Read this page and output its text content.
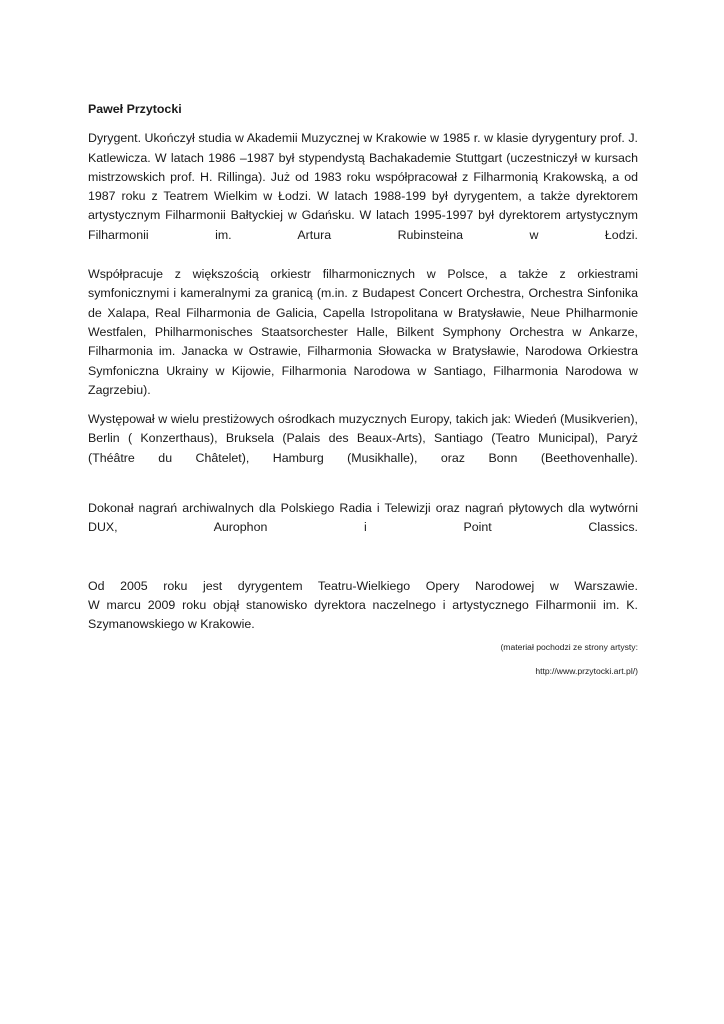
Paweł Przytocki

Dyrygent. Ukończył studia w Akademii Muzycznej w Krakowie w 1985 r. w klasie dyrygentury prof. J. Katlewicza. W latach 1986 –1987 był stypendystą Bachakademie Stuttgart (uczestniczył w kursach mistrzowskich prof. H. Rillinga). Już od 1983 roku współpracował z Filharmonią Krakowską, a od 1987 roku z Teatrem Wielkim w Łodzi. W latach 1988-199 był dyrygentem, a także dyrektorem artystycznym Filharmonii Bałtyckiej w Gdańsku. W latach 1995-1997 był dyrektorem artystycznym Filharmonii im. Artura Rubinsteina w Łodzi.

Współpracuje z większością orkiestr filharmonicznych w Polsce, a także z orkiestrami symfonicznymi i kameralnymi za granicą (m.in. z Budapest Concert Orchestra, Orchestra Sinfonika de Xalapa, Real Filharmonia de Galicia, Capella Istropolitana w Bratysławie, Neue Philharmonie Westfalen, Philharmonisches Staatsorchester Halle, Bilkent Symphony Orchestra w Ankarze, Filharmonia im. Janacka w Ostrawie, Filharmonia Słowacka w Bratysławie, Narodowa Orkiestra Symfoniczna Ukrainy w Kijowie, Filharmonia Narodowa w Santiago, Filharmonia Narodowa w Zagrzebiu).

Występował w wielu prestiżowych ośrodkach muzycznych Europy, takich jak: Wiedeń (Musikverien), Berlin ( Konzerthaus), Bruksela (Palais des Beaux-Arts), Santiago (Teatro Municipal), Paryż (Théâtre du Châtelet), Hamburg (Musikhalle), oraz Bonn (Beethovenhalle).

Dokonał nagrań archiwalnych dla Polskiego Radia i Telewizji oraz nagrań płytowych dla wytwórni DUX, Aurophon i Point Classics.

Od 2005 roku jest dyrygentem Teatru-Wielkiego Opery Narodowej w Warszawie.

W marcu 2009 roku objął stanowisko dyrektora naczelnego i artystycznego Filharmonii im. K. Szymanowskiego w Krakowie.

(materiał pochodzi ze strony artysty:

http://www.przytocki.art.pl/)
